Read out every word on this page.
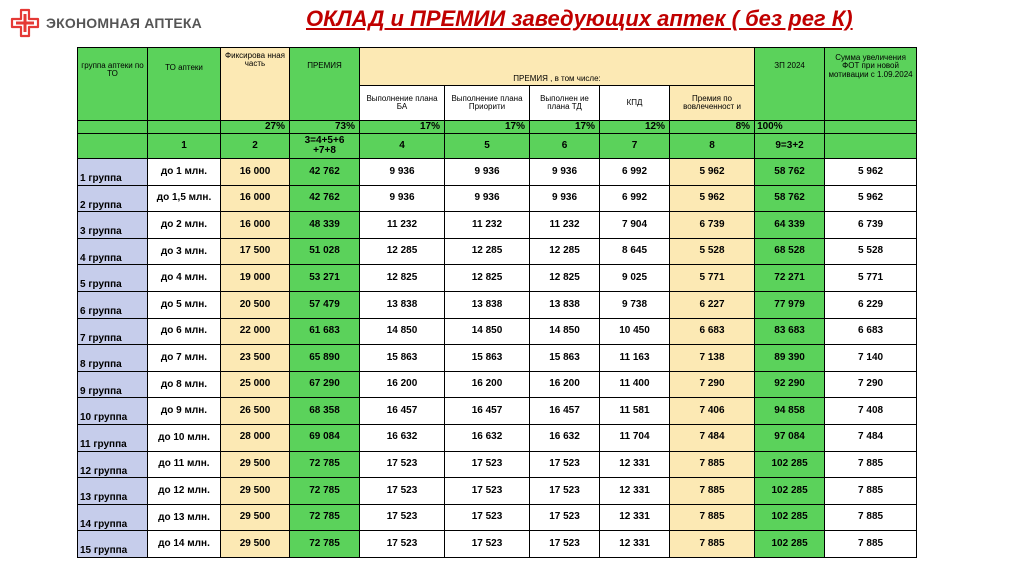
ЭКОНОМНАЯ АПТЕКА	ОКЛАД и ПРЕМИИ заведующих аптек ( без рег К)
группа аптеки по ТО	ТО аптеки	Фиксирова нная часть	ПРЕМИЯ	ПРЕМИЯ , в том числе:					ЗП 2024	Сумма увеличения ФОТ при новой мотивации с 1.09.2024
				Выполнение плана БА	Выполнение плана Приорити	Выполнен ие плана ТД	КПД	Премия по вовлеченност и		
		27%	73%	17%	17%	17%	12%	8%	100%	
	1	2	3=4+5+6 +7+8	4	5	6	7	8	9=3+2	
1 группа	до 1 млн.	16 000	42 762	9 936	9 936	9 936	6 992	5 962	58 762	5 962
2 группа	до 1,5 млн.	16 000	42 762	9 936	9 936	9 936	6 992	5 962	58 762	5 962
3 группа	до 2 млн.	16 000	48 339	11 232	11 232	11 232	7 904	6 739	64 339	6 739
4 группа	до 3 млн.	17 500	51 028	12 285	12 285	12 285	8 645	5 528	68 528	5 528
5 группа	до 4 млн.	19 000	53 271	12 825	12 825	12 825	9 025	5 771	72 271	5 771
6 группа	до 5 млн.	20 500	57 479	13 838	13 838	13 838	9 738	6 227	77 979	6 229
7 группа	до 6 млн.	22 000	61 683	14 850	14 850	14 850	10 450	6 683	83 683	6 683
8 группа	до 7 млн.	23 500	65 890	15 863	15 863	15 863	11 163	7 138	89 390	7 140
9 группа	до 8 млн.	25 000	67 290	16 200	16 200	16 200	11 400	7 290	92 290	7 290
10 группа	до 9 млн.	26 500	68 358	16 457	16 457	16 457	11 581	7 406	94 858	7 408
11 группа	до 10 млн.	28 000	69 084	16 632	16 632	16 632	11 704	7 484	97 084	7 484
12 группа	до 11 млн.	29 500	72 785	17 523	17 523	17 523	12 331	7 885	102 285	7 885
13 группа	до 12 млн.	29 500	72 785	17 523	17 523	17 523	12 331	7 885	102 285	7 885
14 группа	до 13 млн.	29 500	72 785	17 523	17 523	17 523	12 331	7 885	102 285	7 885
15 группа	до 14 млн.	29 500	72 785	17 523	17 523	17 523	12 331	7 885	102 285	7 885
